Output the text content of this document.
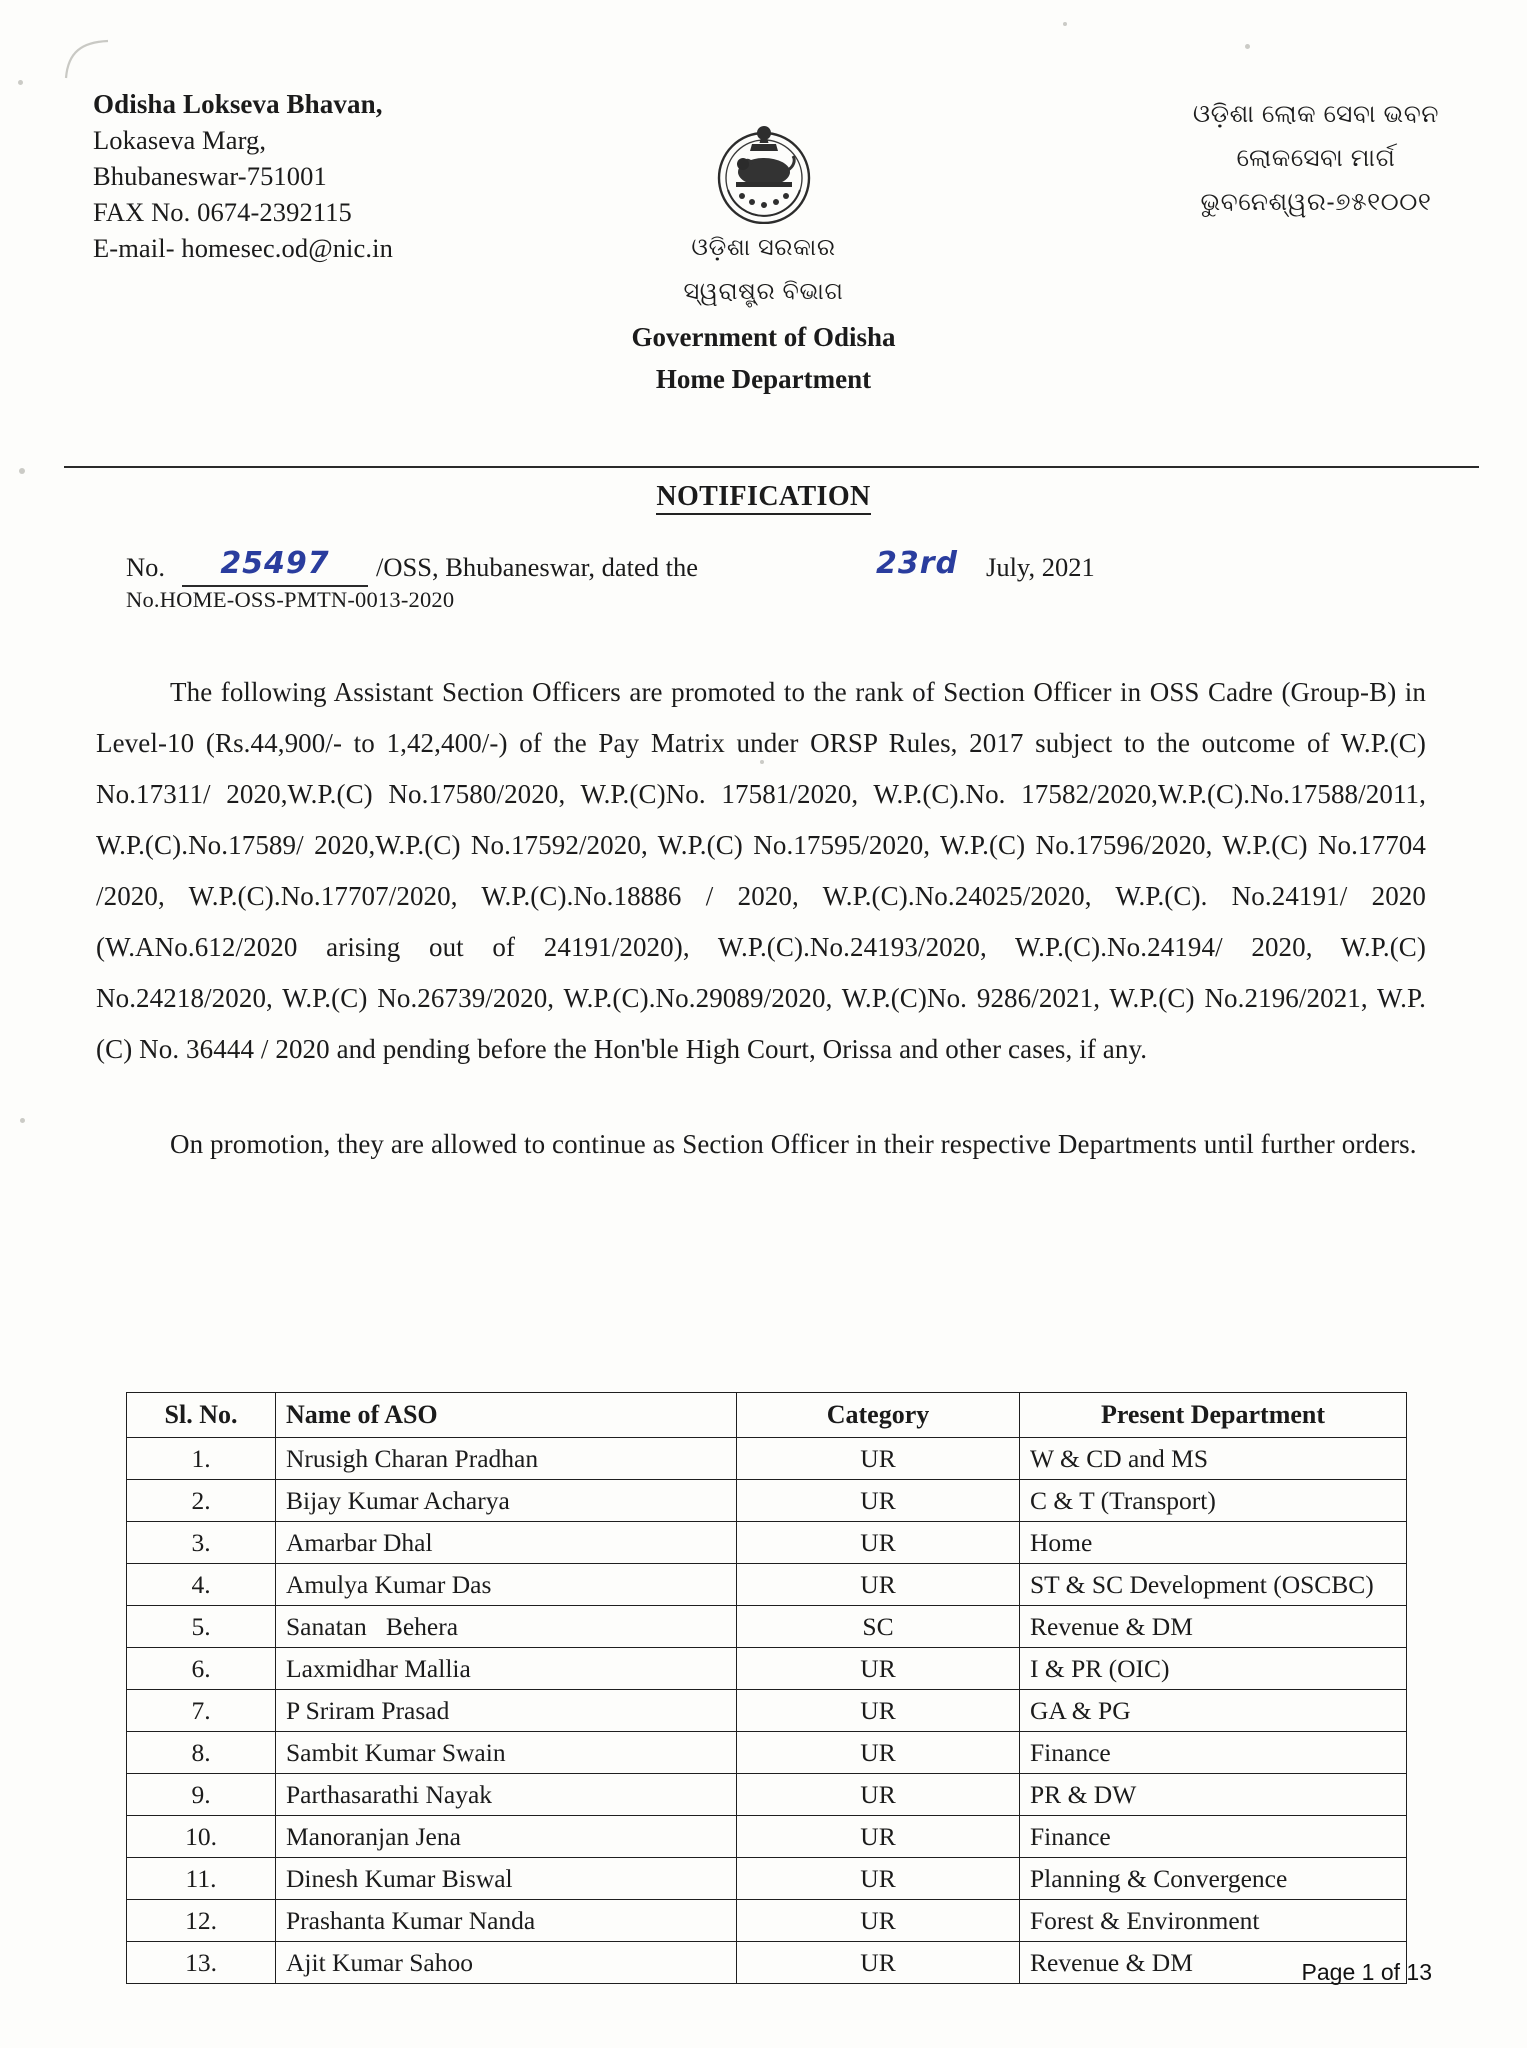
Odisha Lokseva Bhavan,
Lokaseva Marg,
Bhubaneswar-751001
FAX No. 0674-2392115
E-mail- homesec.od@nic.in
ଓଡ଼ିଶା ଲୋକ ସେବା ଭବନ
ଲୋକସେବା ମାର୍ଗ
ଭୁବନେଶ୍ୱର-୭୫୧୦୦୧
ଓଡ଼ିଶା ସରକାର
ସ୍ୱରାଷ୍ଟ୍ର ବିଭାଗ
Government of Odisha
Home Department
NOTIFICATION
No.	25497	/OSS, Bhubaneswar, dated the	23rd July, 2021
No.HOME-OSS-PMTN-0013-2020

The following Assistant Section Officers are promoted to the rank of Section Officer in OSS Cadre (Group-B) in Level-10 (Rs.44,900/- to 1,42,400/-) of the Pay Matrix under ORSP Rules, 2017 subject to the outcome of W.P.(C) No.17311/ 2020,W.P.(C) No.17580/2020, W.P.(C)No. 17581/2020, W.P.(C).No. 17582/2020,W.P.(C).No.17588/2011, W.P.(C).No.17589/ 2020,W.P.(C) No.17592/2020, W.P.(C) No.17595/2020, W.P.(C) No.17596/2020, W.P.(C) No.17704 /2020, W.P.(C).No.17707/2020, W.P.(C).No.18886 / 2020, W.P.(C).No.24025/2020, W.P.(C). No.24191/ 2020 (W.ANo.612/2020 arising out of 24191/2020), W.P.(C).No.24193/2020, W.P.(C).No.24194/ 2020, W.P.(C) No.24218/2020, W.P.(C) No.26739/2020, W.P.(C).No.29089/2020, W.P.(C)No. 9286/2021, W.P.(C) No.2196/2021, W.P. (C) No. 36444 / 2020 and pending before the Hon'ble High Court, Orissa and other cases, if any.

On promotion, they are allowed to continue as Section Officer in their respective Departments until further orders.

Sl. No.	Name of ASO	Category	Present Department
1.	Nrusigh Charan Pradhan	UR	W & CD and MS
2.	Bijay Kumar Acharya	UR	C & T (Transport)
3.	Amarbar Dhal	UR	Home
4.	Amulya Kumar Das	UR	ST & SC Development (OSCBC)
5.	Sanatan   Behera	SC	Revenue & DM
6.	Laxmidhar Mallia	UR	I & PR (OIC)
7.	P Sriram Prasad	UR	GA & PG
8.	Sambit Kumar Swain	UR	Finance
9.	Parthasarathi Nayak	UR	PR & DW
10.	Manoranjan Jena	UR	Finance
11.	Dinesh Kumar Biswal	UR	Planning & Convergence
12.	Prashanta Kumar Nanda	UR	Forest & Environment
13.	Ajit Kumar Sahoo	UR	Revenue & DM	Page 1 of 13
